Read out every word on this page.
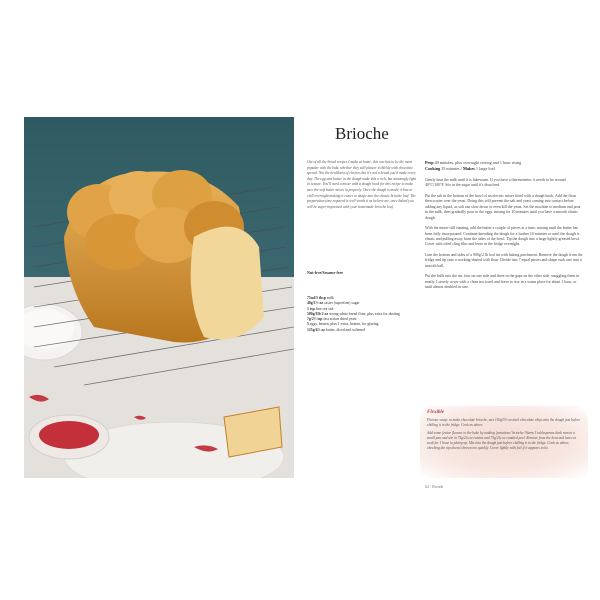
Brioche

Out of all the bread recipes I make at home, this one has to be the most popular with the kids, whether they still plaster it thickly with chocolate spread. Not the healthiest of choices but it's not a bread you'd make every day. The egg and butter in the dough make this a rich, but amazingly light in texture. You'll need a mixer with a dough hook for this recipe to make sure the soft butter mixes in properly. Once the dough is made, it has to chill overnight making it easier to shape into the classic brioche loaf. The preparation time required is well worth it as believe me, once baked you will be super-impressed with your homemade brioche loaf.

Nut-free/Sesame-free
75ml/5 tbsp milk
40g/1½ oz caster (superfine) sugar
1 tsp fine sea salt
500g/1lb 2 oz strong white bread flour, plus extra for dusting
7g/2½ tsp fast action dried yeast
5 eggs, beaten, plus 1 extra, beaten, for glazing
125g/4½ oz butter, diced and softened
Prep 40 minutes, plus overnight resting and 1 hour rising
Cooking 35 minutes / Makes 1 large loaf

Gently heat the milk until it is lukewarm. If you have a thermometer, it needs to be around 40°C/100°F. Stir in the sugar until it's dissolved.

Put the salt in the bottom of the bowl of an electric mixer fitted with a dough hook. Add the flour then scatter over the yeast. Doing this will prevent the salt and yeast coming into contact before adding any liquid, as salt can slow down or even kill the yeast. Set the machine to medium and pour in the milk, then gradually pour in the eggs, mixing for 10 minutes until you have a smooth elastic dough.

With the mixer still running, add the butter a couple of pieces at a time, mixing until the butter has been fully incorporated. Continue kneading the dough for a further 10 minutes or until the dough is elastic and pulling away from the sides of the bowl. Tip the dough into a large lightly greased bowl. Cover with oiled cling film and leave in the fridge overnight.

Line the bottom and sides of a 900g/2 lb loaf tin with baking parchment. Remove the dough from the fridge and tip onto a working-dusted with flour. Divide into 7 equal pieces and shape each one into a smooth ball.

Put the balls into the tin, four on one side and three in the gaps on the other side, snuggling them in neatly. Loosely cover with a clean tea towel and leave to rise in a warm place for about 1 hour, or until almost doubled in size.

Flexible

Flavour swap: to make chocolate brioche, mix 150g/5½ oz dark chocolate chips into the dough just before chilling it in the fridge. Cook as above.

Add some festive flavour to the bake by making 'panettone' brioche. Warm 3 tablespoons dark rum in a small pan and stir in 75g/2¾ oz raisins and 75g/2¾ oz candied peel. Remove from the heat and leave to soak for 1 hour to plump up. Mix into the dough just before chilling it in the fridge. Cook as above, checking the top doesn't brown too quickly. Cover lightly with foil if it appears to be.

62 / Breads
